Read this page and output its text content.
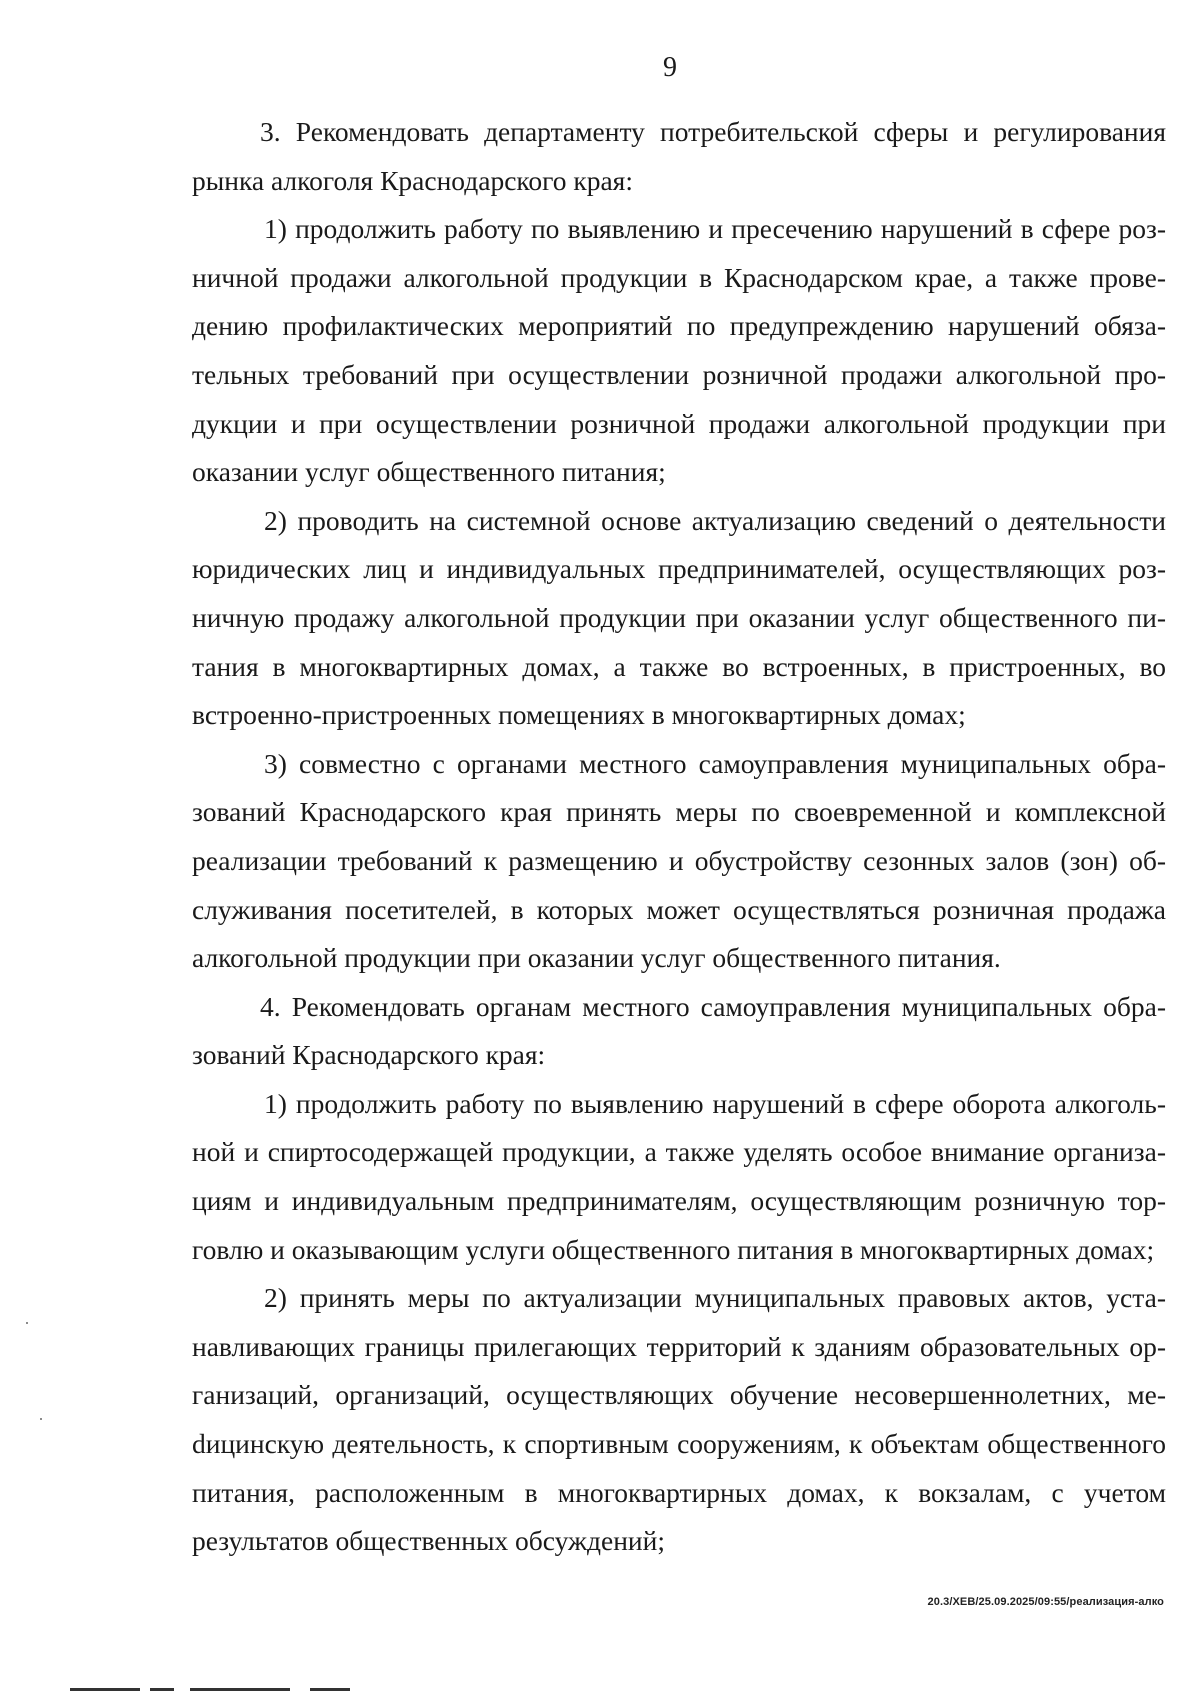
9

3. Рекомендовать департаменту потребительской сферы и регулирования рынка алкоголя Краснодарского края:

1) продолжить работу по выявлению и пресечению нарушений в сфере розничной продажи алкогольной продукции в Краснодарском крае, а также проведению профилактических мероприятий по предупреждению нарушений обязательных требований при осуществлении розничной продажи алкогольной продукции и при осуществлении розничной продажи алкогольной продукции при оказании услуг общественного питания;

2) проводить на системной основе актуализацию сведений о деятельности юридических лиц и индивидуальных предпринимателей, осуществляющих розничную продажу алкогольной продукции при оказании услуг общественного питания в многоквартирных домах, а также во встроенных, в пристроенных, во встроенно-пристроенных помещениях в многоквартирных домах;

3) совместно с органами местного самоуправления муниципальных образований Краснодарского края принять меры по своевременной и комплексной реализации требований к размещению и обустройству сезонных залов (зон) обслуживания посетителей, в которых может осуществляться розничная продажа алкогольной продукции при оказании услуг общественного питания.

4. Рекомендовать органам местного самоуправления муниципальных образований Краснодарского края:

1) продолжить работу по выявлению нарушений в сфере оборота алкогольной и спиртосодержащей продукции, а также уделять особое внимание организациям и индивидуальным предпринимателям, осуществляющим розничную торговлю и оказывающим услуги общественного питания в многоквартирных домах;

2) принять меры по актуализации муниципальных правовых актов, устанавливающих границы прилегающих территорий к зданиям образовательных организаций, организаций, осуществляющих обучение несовершеннолетних, меdицинскую деятельность, к спортивным сооружениям, к объектам общественного питания, расположенным в многоквартирных домах, к вокзалам, с учетом результатов общественных обсуждений;

20.3/ХЕВ/25.09.2025/09:55/реализация-алко
